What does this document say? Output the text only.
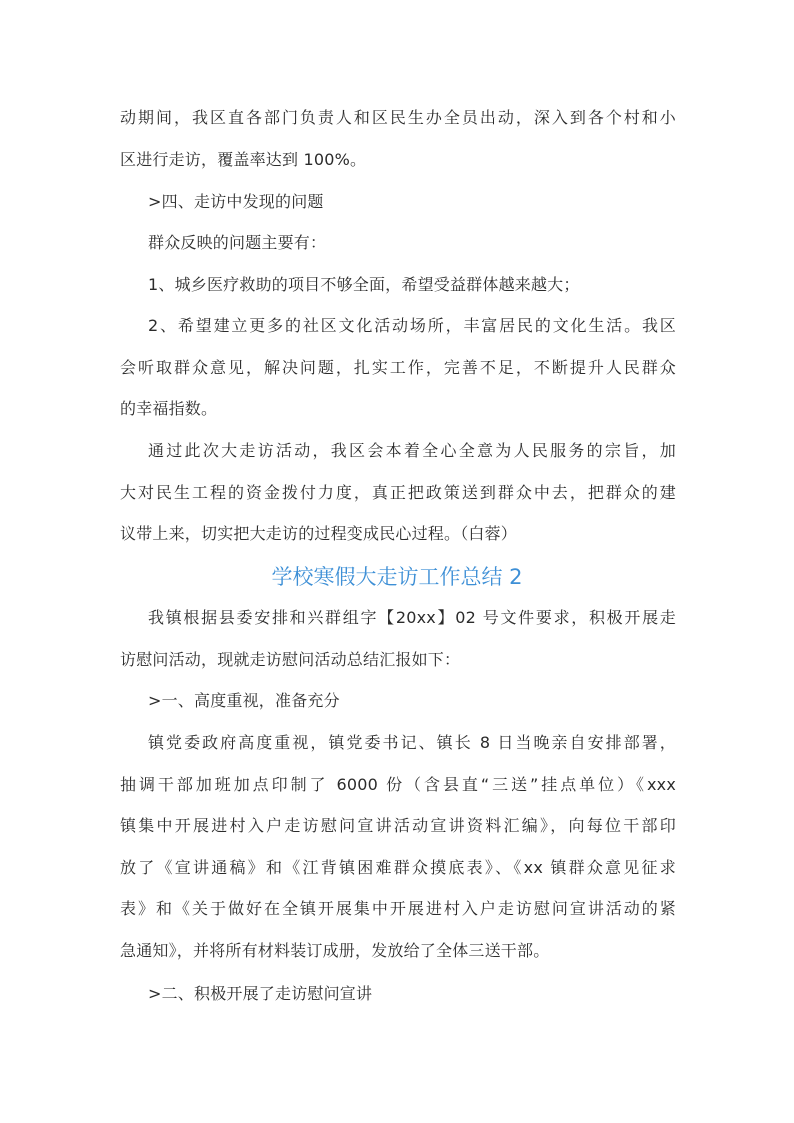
动期间，我区直各部门负责人和区民生办全员出动，深入到各个村和小
区进行走访，覆盖率达到 100%。
>四、走访中发现的问题
群众反映的问题主要有：
1、城乡医疗救助的项目不够全面，希望受益群体越来越大；
2、希望建立更多的社区文化活动场所，丰富居民的文化生活。我区
会听取群众意见，解决问题，扎实工作，完善不足，不断提升人民群众
的幸福指数。
通过此次大走访活动，我区会本着全心全意为人民服务的宗旨，加
大对民生工程的资金拨付力度，真正把政策送到群众中去，把群众的建
议带上来，切实把大走访的过程变成民心过程。（白蓉）
学校寒假大走访工作总结 2
我镇根据县委安排和兴群组字【20xx】02 号文件要求，积极开展走
访慰问活动，现就走访慰问活动总结汇报如下：
>一、高度重视，准备充分
镇党委政府高度重视，镇党委书记、镇长 8 日当晚亲自安排部署，
抽调干部加班加点印制了 6000 份（含县直“三送”挂点单位）《xxx
镇集中开展进村入户走访慰问宣讲活动宣讲资料汇编》，向每位干部印
放了《宣讲通稿》和《江背镇困难群众摸底表》、《xx 镇群众意见征求
表》和《关于做好在全镇开展集中开展进村入户走访慰问宣讲活动的紧
急通知》，并将所有材料装订成册，发放给了全体三送干部。
>二、积极开展了走访慰问宣讲
